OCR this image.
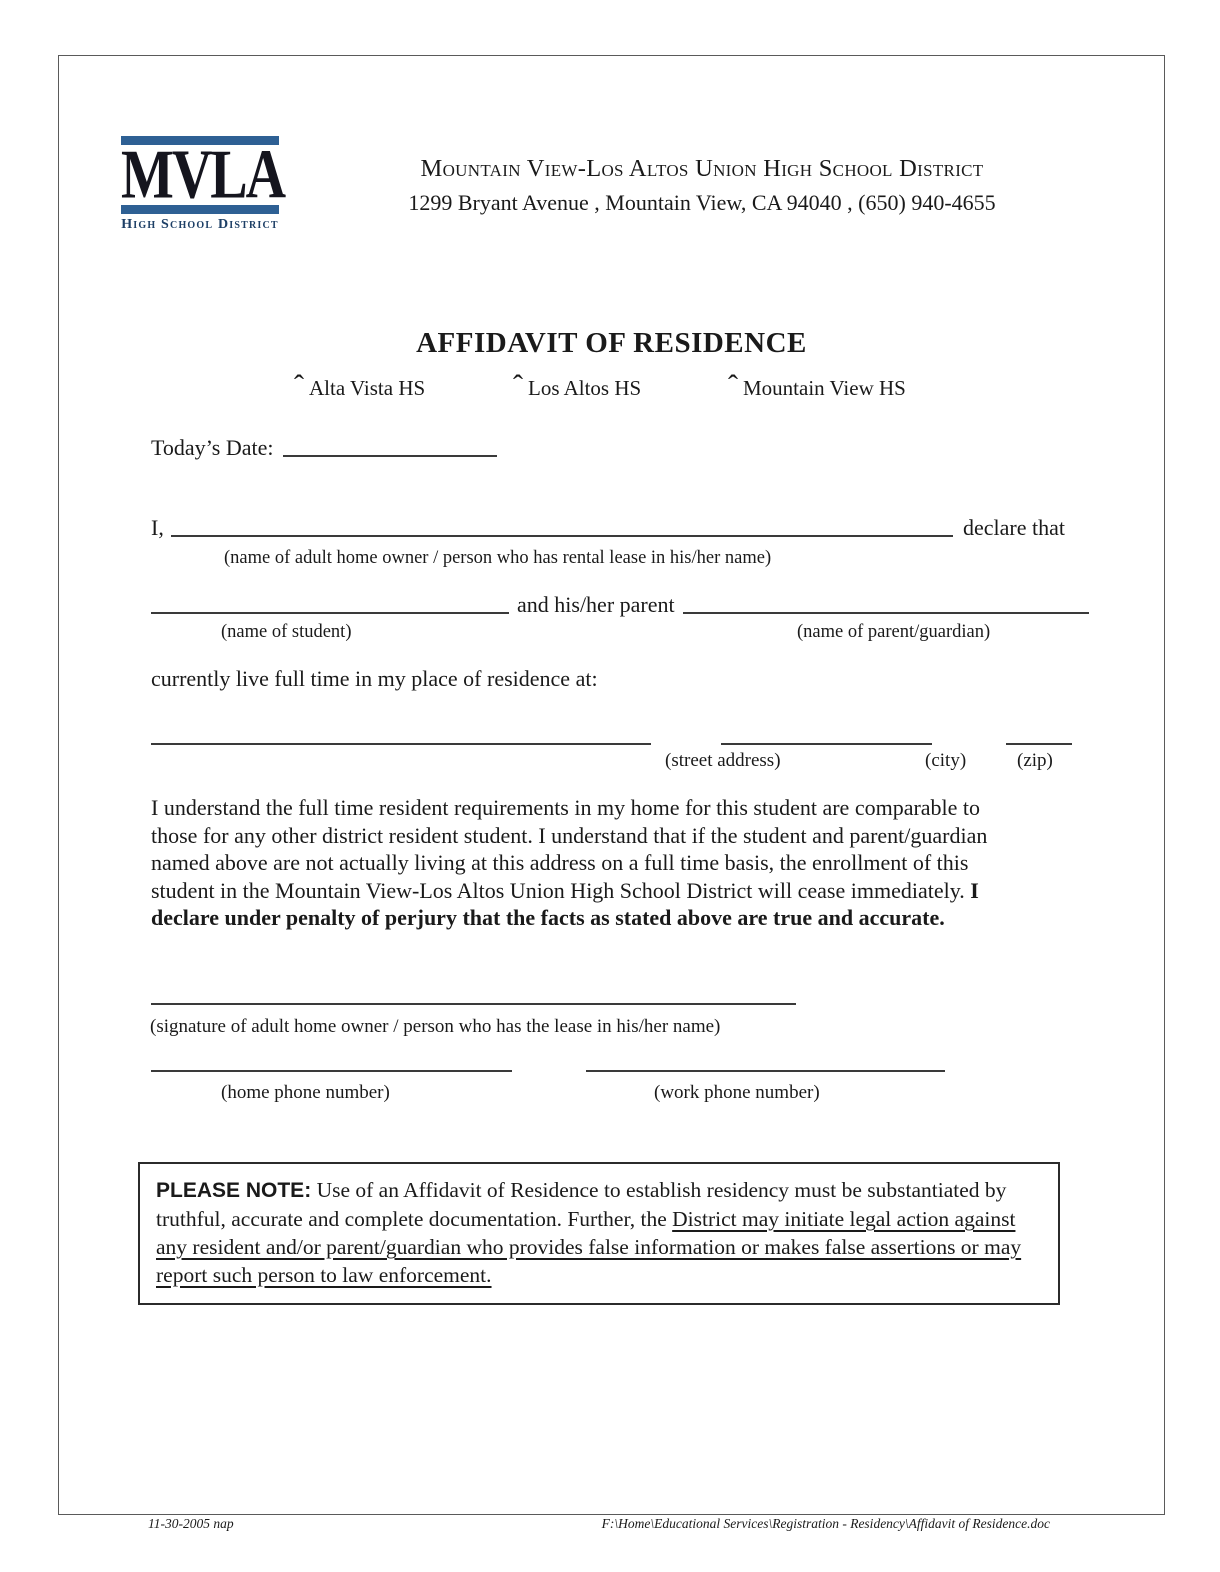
MVLA
High School District
Mountain View-Los Altos Union High School District
1299 Bryant Avenue , Mountain View, CA 94040 , (650) 940-4655
AFFIDAVIT OF RESIDENCE
ˆ Alta Vista HS	ˆ Los Altos HS	ˆ Mountain View HS
Today’s Date:
I,	declare that
(name of adult home owner / person who has rental lease in his/her name)
and his/her parent
(name of student)	(name of parent/guardian)
currently live full time in my place of residence at:
(street address)	(city)	(zip)
I understand the full time resident requirements in my home for this student are comparable to those for any other district resident student. I understand that if the student and parent/guardian named above are not actually living at this address on a full time basis, the enrollment of this student in the Mountain View-Los Altos Union High School District will cease immediately. I declare under penalty of perjury that the facts as stated above are true and accurate.
(signature of adult home owner / person who has the lease in his/her name)
(home phone number)	(work phone number)
PLEASE NOTE: Use of an Affidavit of Residence to establish residency must be substantiated by truthful, accurate and complete documentation. Further, the District may initiate legal action against any resident and/or parent/guardian who provides false information or makes false assertions or may report such person to law enforcement.
11-30-2005 nap	F:\Home\Educational Services\Registration - Residency\Affidavit of Residence.doc
